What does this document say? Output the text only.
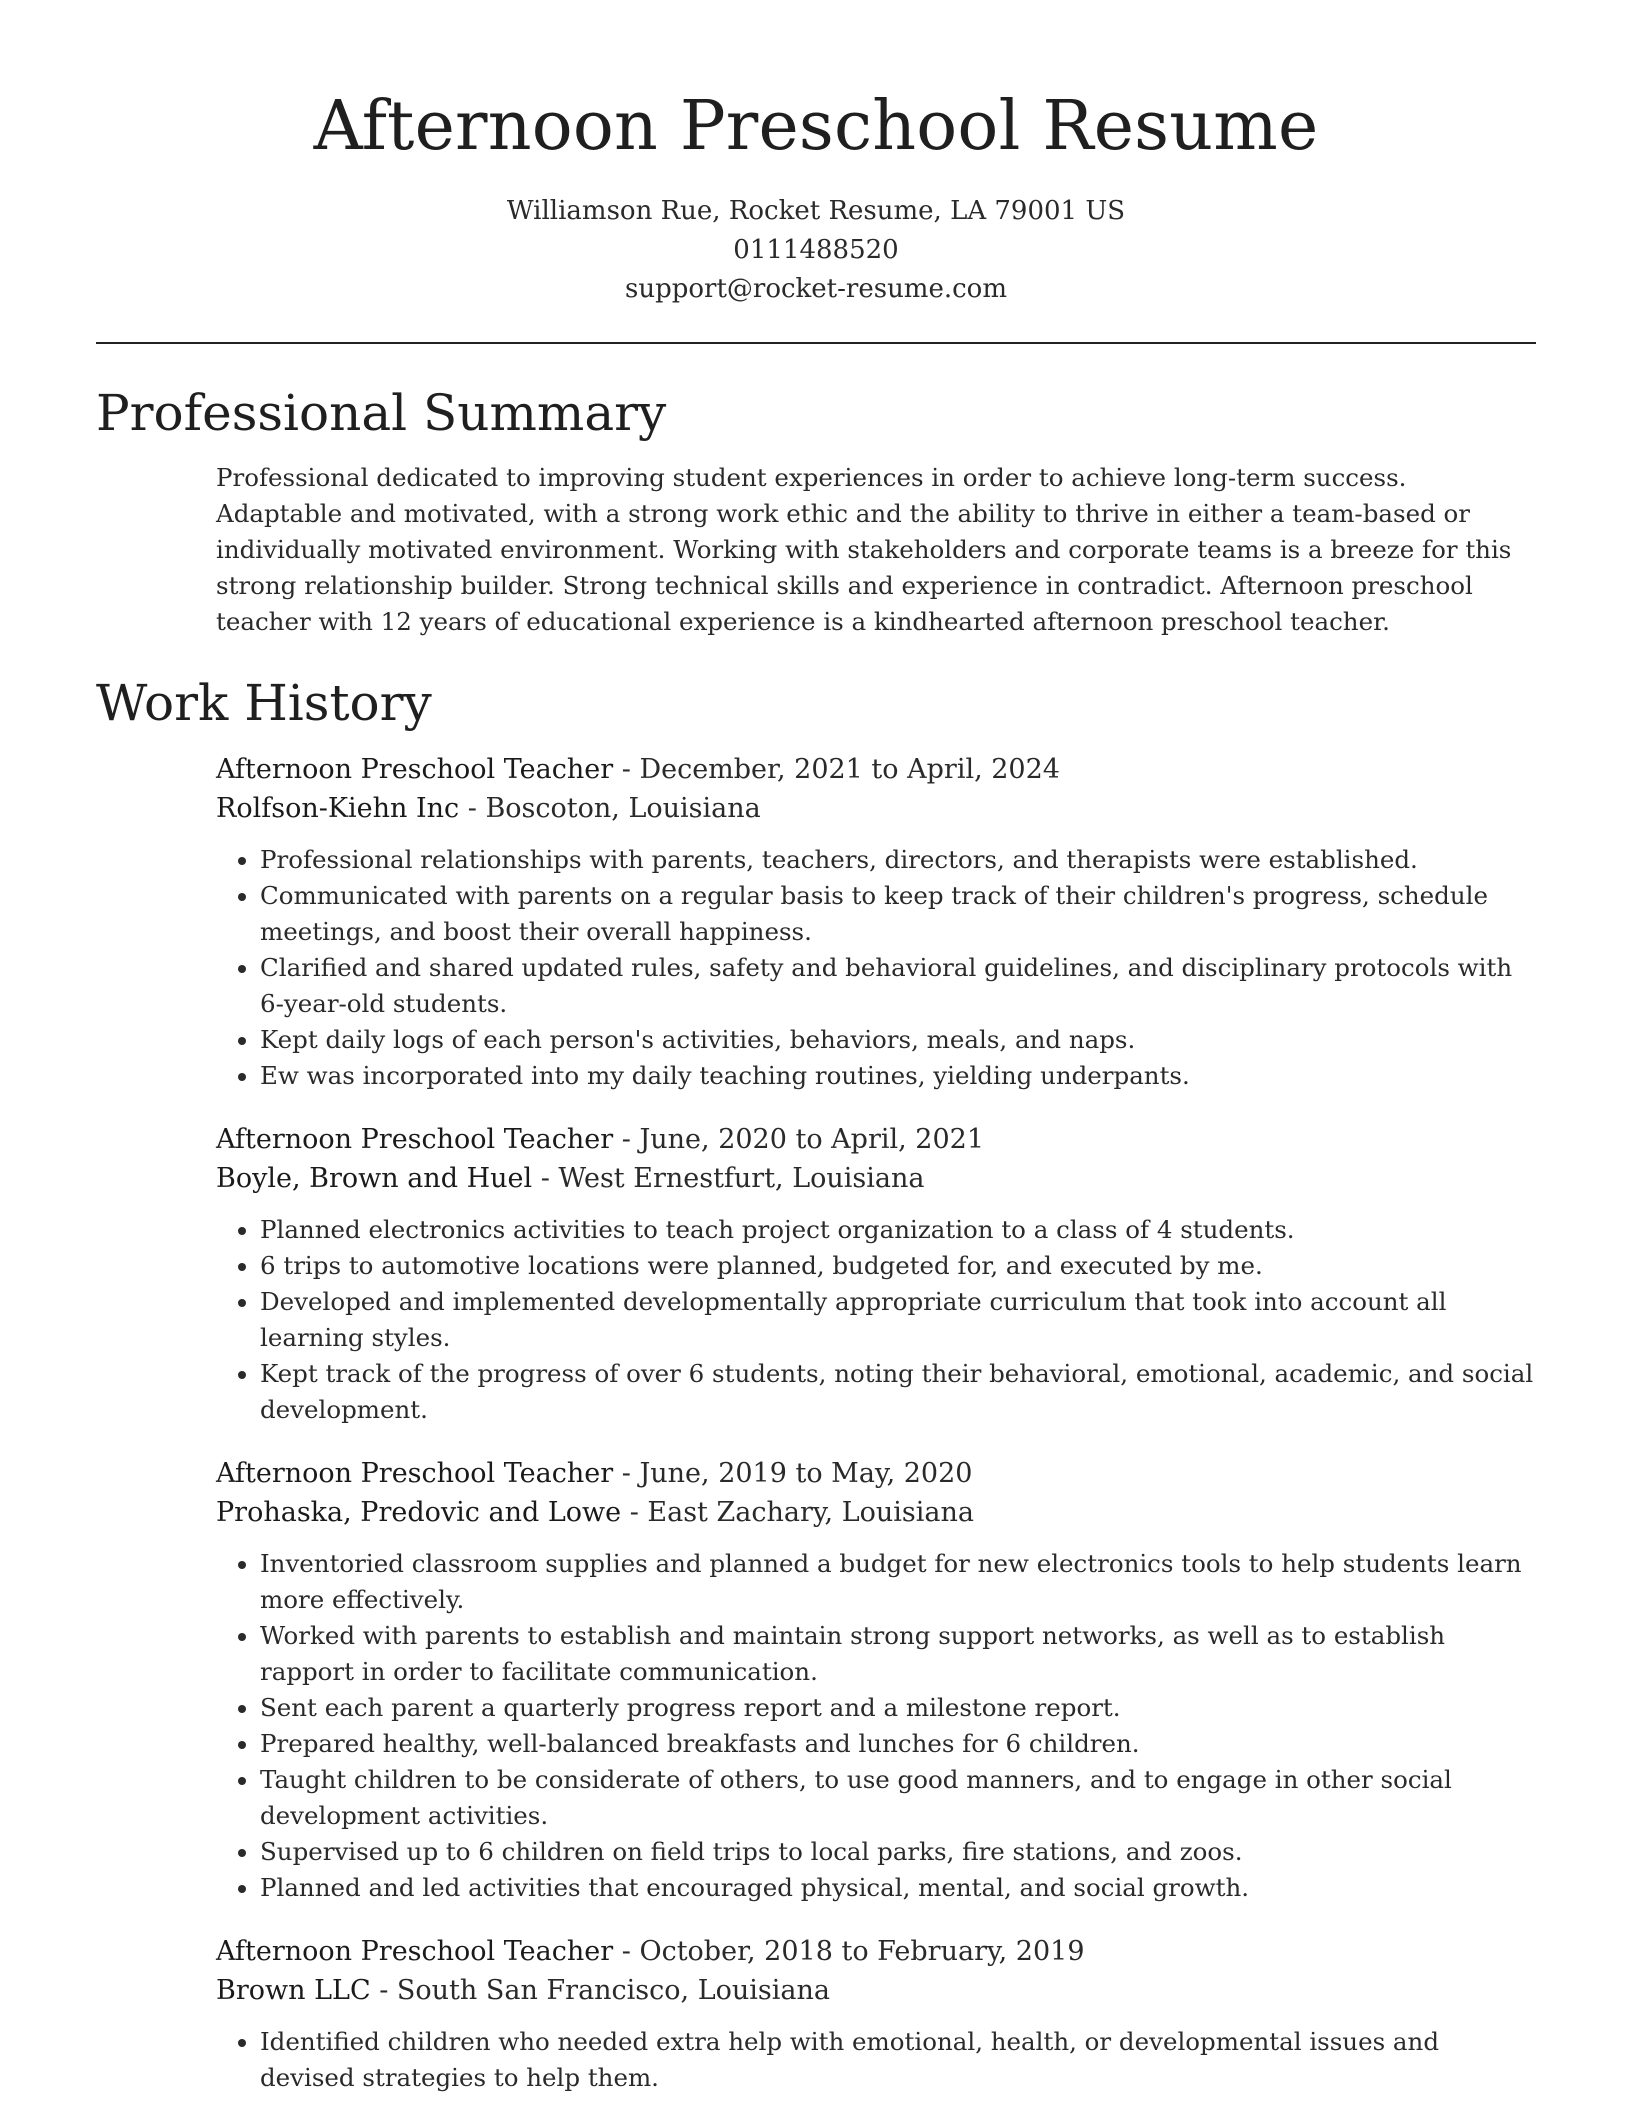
Afternoon Preschool Resume
Williamson Rue, Rocket Resume, LA 79001 US
0111488520
support@rocket-resume.com
Professional Summary

Professional dedicated to improving student experiences in order to achieve long-term success. Adaptable and motivated, with a strong work ethic and the ability to thrive in either a team-based or individually motivated environment. Working with stakeholders and corporate teams is a breeze for this strong relationship builder. Strong technical skills and experience in contradict. Afternoon preschool teacher with 12 years of educational experience is a kindhearted afternoon preschool teacher.

Work History
Afternoon Preschool Teacher - December, 2021 to April, 2024
Rolfson-Kiehn Inc - Boscoton, Louisiana
• Professional relationships with parents, teachers, directors, and therapists were established.
• Communicated with parents on a regular basis to keep track of their children's progress, schedule meetings, and boost their overall happiness.
• Clarified and shared updated rules, safety and behavioral guidelines, and disciplinary protocols with 6-year-old students.
• Kept daily logs of each person's activities, behaviors, meals, and naps.
• Ew was incorporated into my daily teaching routines, yielding underpants.
Afternoon Preschool Teacher - June, 2020 to April, 2021
Boyle, Brown and Huel - West Ernestfurt, Louisiana
• Planned electronics activities to teach project organization to a class of 4 students.
• 6 trips to automotive locations were planned, budgeted for, and executed by me.
• Developed and implemented developmentally appropriate curriculum that took into account all learning styles.
• Kept track of the progress of over 6 students, noting their behavioral, emotional, academic, and social development.
Afternoon Preschool Teacher - June, 2019 to May, 2020
Prohaska, Predovic and Lowe - East Zachary, Louisiana
• Inventoried classroom supplies and planned a budget for new electronics tools to help students learn more effectively.
• Worked with parents to establish and maintain strong support networks, as well as to establish rapport in order to facilitate communication.
• Sent each parent a quarterly progress report and a milestone report.
• Prepared healthy, well-balanced breakfasts and lunches for 6 children.
• Taught children to be considerate of others, to use good manners, and to engage in other social development activities.
• Supervised up to 6 children on field trips to local parks, fire stations, and zoos.
• Planned and led activities that encouraged physical, mental, and social growth.
Afternoon Preschool Teacher - October, 2018 to February, 2019
Brown LLC - South San Francisco, Louisiana
• Identified children who needed extra help with emotional, health, or developmental issues and devised strategies to help them.
